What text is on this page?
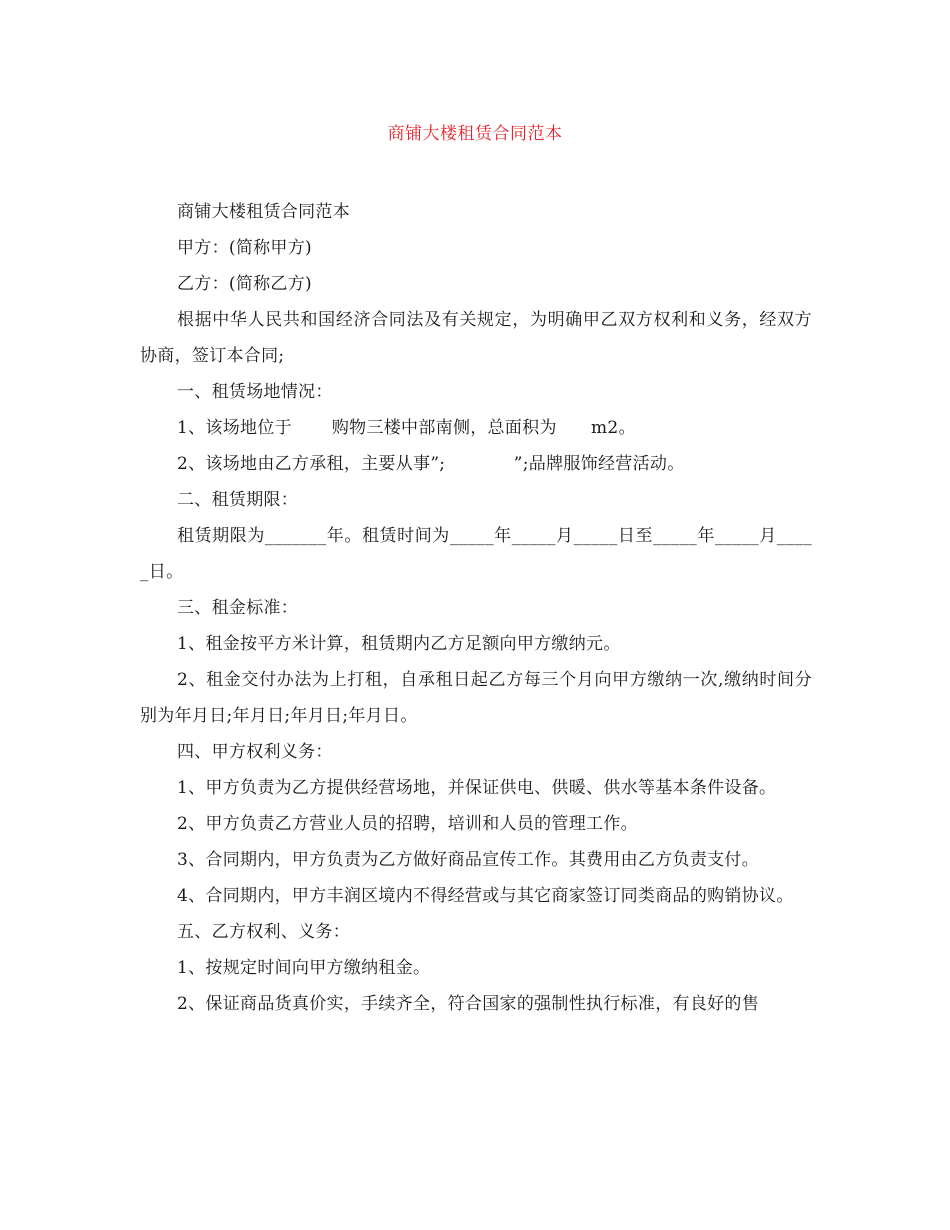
商铺大楼租赁合同范本

商铺大楼租赁合同范本

甲方：(简称甲方)

乙方：(简称乙方)

根据中华人民共和国经济合同法及有关规定，为明确甲乙双方权利和义务，经双方协商，签订本合同;

一、租赁场地情况：

1、该场地位于       购物三楼中部南侧，总面积为      m2。

2、该场地由乙方承租，主要从事”;            ”;品牌服饰经营活动。

二、租赁期限：

租赁期限为_______年。租赁时间为_____年_____月_____日至_____年_____月_____日。

三、租金标准：

1、租金按平方米计算，租赁期内乙方足额向甲方缴纳元。

2、租金交付办法为上打租，自承租日起乙方每三个月向甲方缴纳一次,缴纳时间分别为年月日;年月日;年月日;年月日。

四、甲方权利义务：

1、甲方负责为乙方提供经营场地，并保证供电、供暖、供水等基本条件设备。

2、甲方负责乙方营业人员的招聘，培训和人员的管理工作。

3、合同期内，甲方负责为乙方做好商品宣传工作。其费用由乙方负责支付。

4、合同期内，甲方丰润区境内不得经营或与其它商家签订同类商品的购销协议。

五、乙方权利、义务：

1、按规定时间向甲方缴纳租金。

2、保证商品货真价实，手续齐全，符合国家的强制性执行标准，有良好的售
